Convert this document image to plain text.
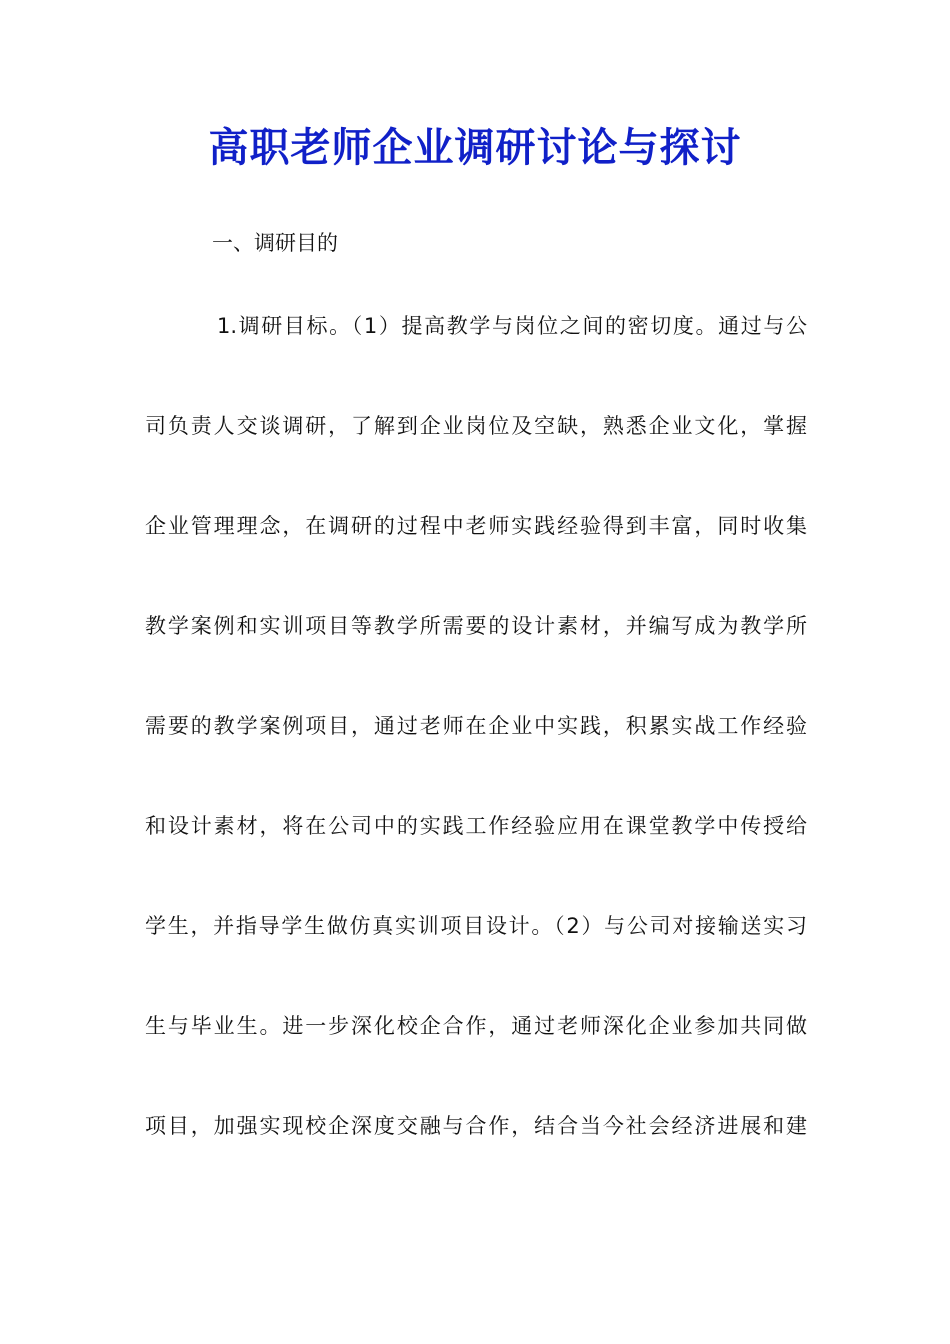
高职老师企业调研讨论与探讨
一、调研目的
1.调研目标。（1）提高教学与岗位之间的密切度。通过与公
司负责人交谈调研，了解到企业岗位及空缺，熟悉企业文化，掌握
企业管理理念，在调研的过程中老师实践经验得到丰富，同时收集
教学案例和实训项目等教学所需要的设计素材，并编写成为教学所
需要的教学案例项目，通过老师在企业中实践，积累实战工作经验
和设计素材，将在公司中的实践工作经验应用在课堂教学中传授给
学生，并指导学生做仿真实训项目设计。（2）与公司对接输送实习
生与毕业生。进一步深化校企合作，通过老师深化企业参加共同做
项目，加强实现校企深度交融与合作，结合当今社会经济进展和建
